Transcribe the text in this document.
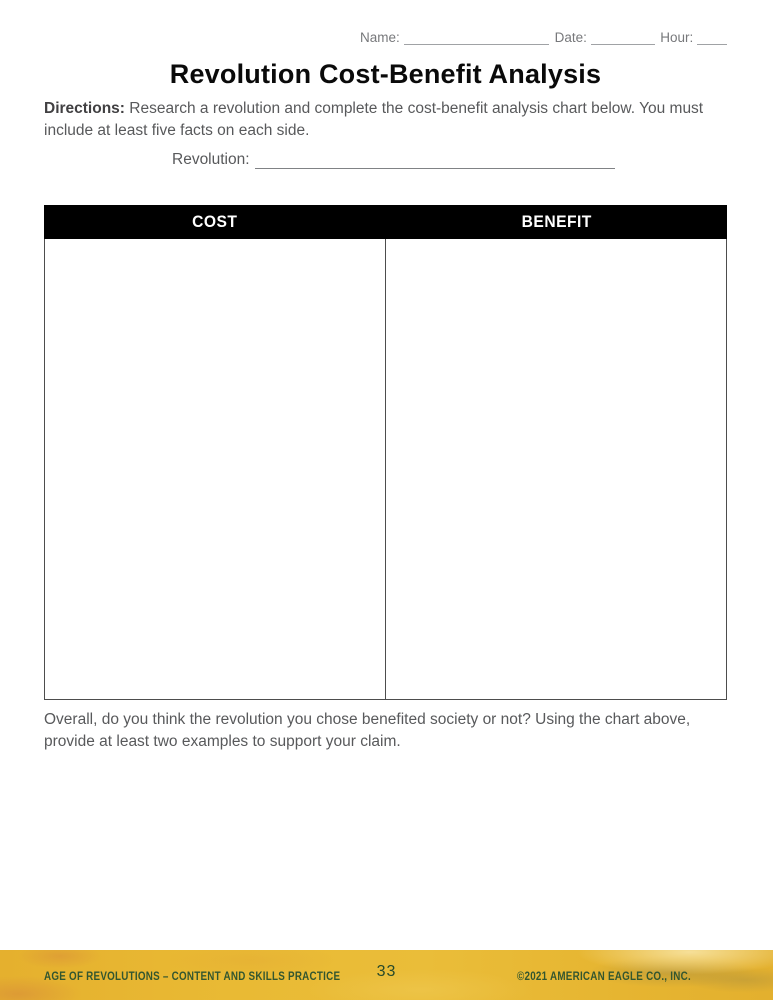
Name:	Date:	Hour:
Revolution Cost-Benefit Analysis

Directions: Research a revolution and complete the cost-benefit analysis chart below. You must include at least five facts on each side.

Revolution:
COST	BENEFIT

Overall, do you think the revolution you chose benefited society or not? Using the chart above, provide at least two examples to support your claim.

AGE OF REVOLUTIONS – CONTENT AND SKILLS PRACTICE	33	©2021 AMERICAN EAGLE CO., INC.
